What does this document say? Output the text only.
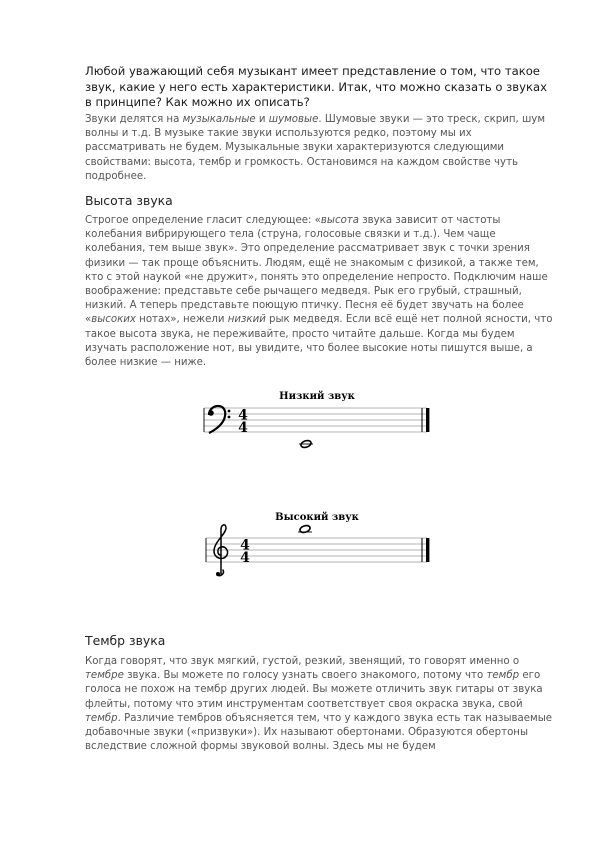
Любой уважающий себя музыкант имеет представление о том, что такое звук, какие у него есть характеристики. Итак, что можно сказать о звуках в принципе? Как можно их описать?

Звуки делятся на музыкальные и шумовые. Шумовые звуки — это треск, скрип, шум волны и т.д. В музыке такие звуки используются редко, поэтому мы их рассматривать не будем. Музыкальные звуки характеризуются следующими свойствами: высота, тембр и громкость. Остановимся на каждом свойстве чуть подробнее.

Высота звука

Строгое определение гласит следующее: «высота звука зависит от частоты колебания вибрирующего тела (струна, голосовые связки и т.д.). Чем чаще колебания, тем выше звук». Это определение рассматривает звук с точки зрения физики — так проще объяснить. Людям, ещё не знакомым с физикой, а также тем, кто с этой наукой «не дружит», понять это определение непросто. Подключим наше воображение: представьте себе рычащего медведя. Рык его грубый, страшный, низкий. А теперь представьте поющую птичку. Песня её будет звучать на более «высоких нотах», нежели низкий рык медведя. Если всё ещё нет полной ясности, что такое высота звука, не переживайте, просто читайте дальше. Когда мы будем изучать расположение нот, вы увидите, что более высокие ноты пишутся выше, а более низкие — ниже.

Низкий звук
4
4
Высокий звук
4
4
Тембр звука

Когда говорят, что звук мягкий, густой, резкий, звенящий, то говорят именно о тембре звука. Вы можете по голосу узнать своего знакомого, потому что тембр его голоса не похож на тембр других людей. Вы можете отличить звук гитары от звука флейты, потому что этим инструментам соответствует своя окраска звука, свой тембр. Различие тембров объясняется тем, что у каждого звука есть так называемые добавочные звуки («призвуки»). Их называют обертонами. Образуются обертоны вследствие сложной формы звуковой волны. Здесь мы не будем
